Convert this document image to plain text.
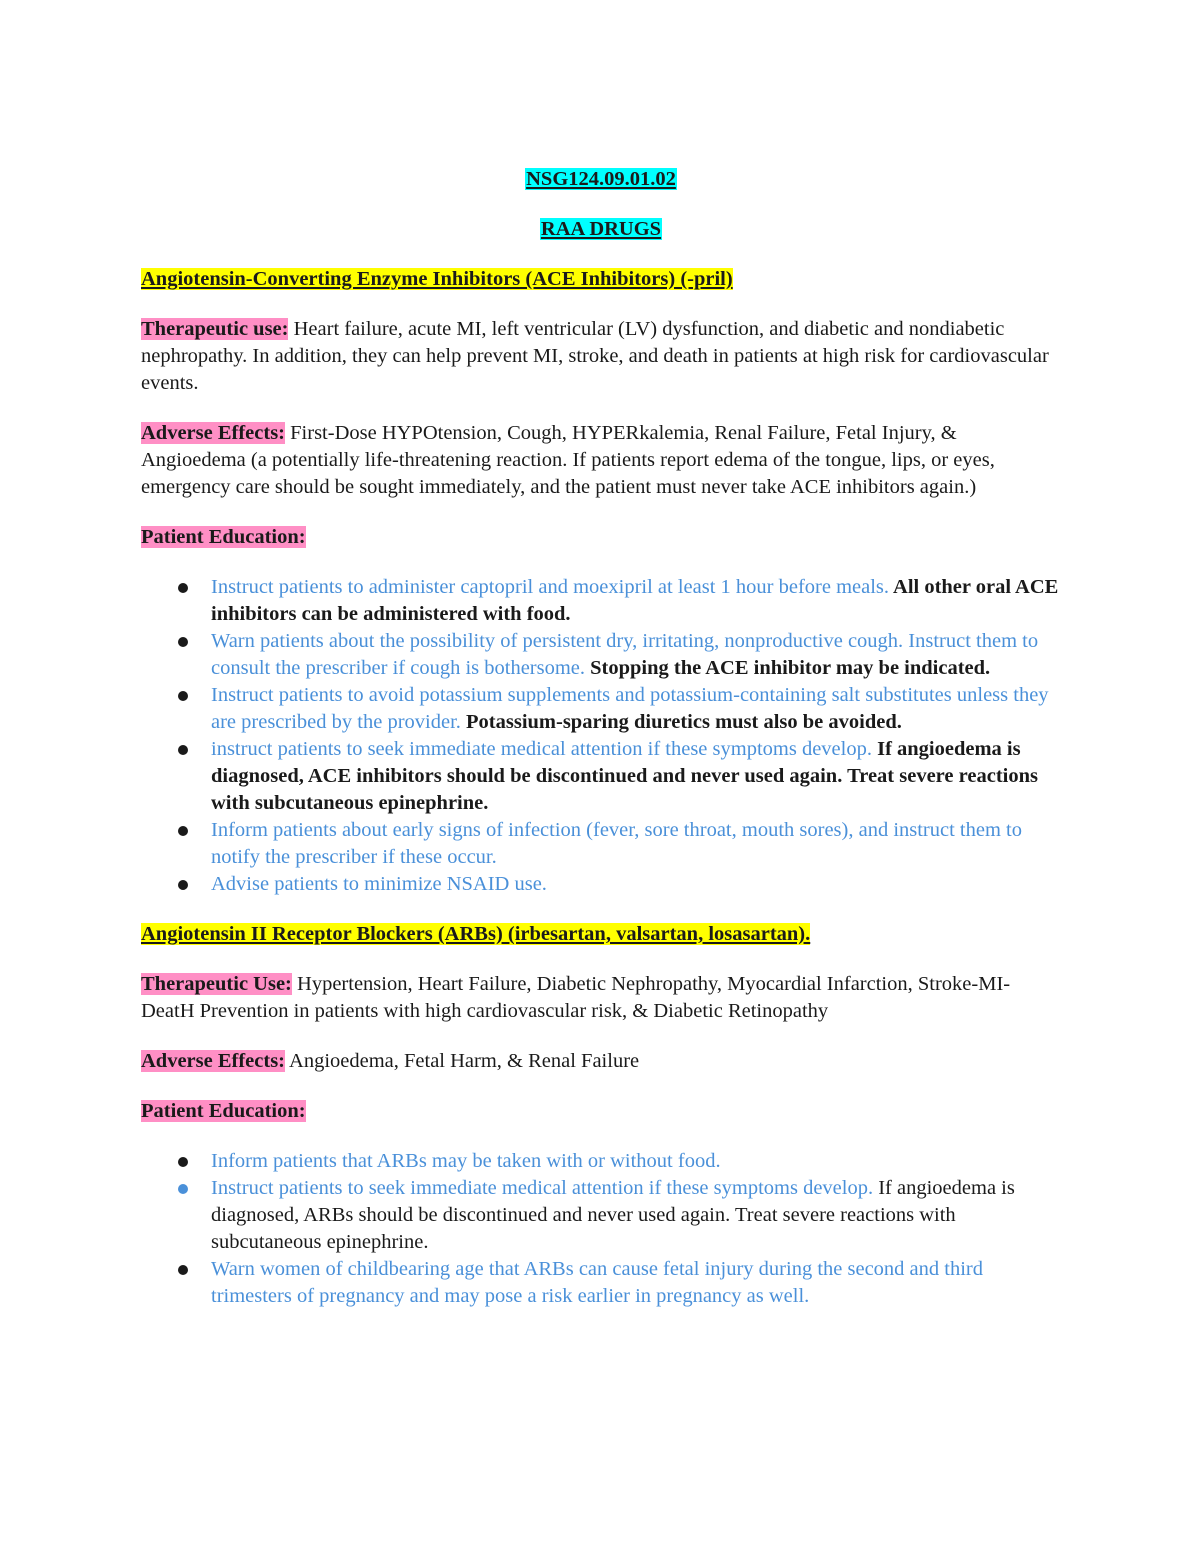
NSG124.09.01.02

RAA DRUGS

Angiotensin-Converting Enzyme Inhibitors (ACE Inhibitors) (-pril)

Therapeutic use: Heart failure, acute MI, left ventricular (LV) dysfunction, and diabetic and nondiabetic nephropathy. In addition, they can help prevent MI, stroke, and death in patients at high risk for cardiovascular events.

Adverse Effects: First-Dose HYPOtension, Cough, HYPERkalemia, Renal Failure, Fetal Injury, & Angioedema (a potentially life-threatening reaction. If patients report edema of the tongue, lips, or eyes, emergency care should be sought immediately, and the patient must never take ACE inhibitors again.)

Patient Education:

Instruct patients to administer captopril and moexipril at least 1 hour before meals. All other oral ACE inhibitors can be administered with food.
Warn patients about the possibility of persistent dry, irritating, nonproductive cough. Instruct them to consult the prescriber if cough is bothersome. Stopping the ACE inhibitor may be indicated.
Instruct patients to avoid potassium supplements and potassium-containing salt substitutes unless they are prescribed by the provider. Potassium-sparing diuretics must also be avoided.
instruct patients to seek immediate medical attention if these symptoms develop. If angioedema is diagnosed, ACE inhibitors should be discontinued and never used again. Treat severe reactions with subcutaneous epinephrine.
Inform patients about early signs of infection (fever, sore throat, mouth sores), and instruct them to notify the prescriber if these occur.
Advise patients to minimize NSAID use.

Angiotensin II Receptor Blockers (ARBs) (irbesartan, valsartan, losasartan).

Therapeutic Use: Hypertension, Heart Failure, Diabetic Nephropathy, Myocardial Infarction, Stroke-MI-DeatH Prevention in patients with high cardiovascular risk, & Diabetic Retinopathy

Adverse Effects: Angioedema, Fetal Harm, & Renal Failure

Patient Education:

Inform patients that ARBs may be taken with or without food.
Instruct patients to seek immediate medical attention if these symptoms develop. If angioedema is diagnosed, ARBs should be discontinued and never used again. Treat severe reactions with subcutaneous epinephrine.
Warn women of childbearing age that ARBs can cause fetal injury during the second and third trimesters of pregnancy and may pose a risk earlier in pregnancy as well.
